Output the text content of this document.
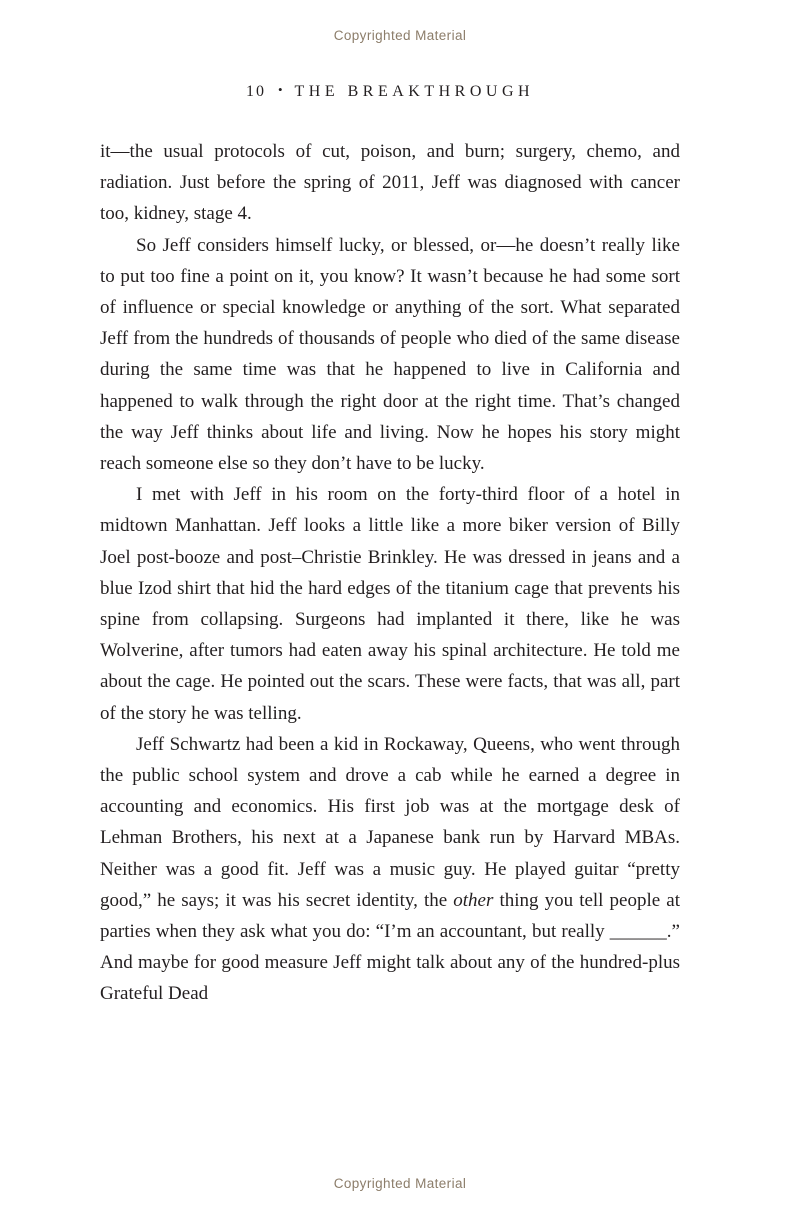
Copyrighted Material
10 • THE BREAKTHROUGH

it—the usual protocols of cut, poison, and burn; surgery, chemo, and radiation. Just before the spring of 2011, Jeff was diagnosed with cancer too, kidney, stage 4.

So Jeff considers himself lucky, or blessed, or—he doesn’t really like to put too fine a point on it, you know? It wasn’t because he had some sort of influence or special knowledge or anything of the sort. What separated Jeff from the hundreds of thousands of people who died of the same disease during the same time was that he happened to live in California and happened to walk through the right door at the right time. That’s changed the way Jeff thinks about life and living. Now he hopes his story might reach someone else so they don’t have to be lucky.

I met with Jeff in his room on the forty-third floor of a hotel in midtown Manhattan. Jeff looks a little like a more biker version of Billy Joel post-booze and post–Christie Brinkley. He was dressed in jeans and a blue Izod shirt that hid the hard edges of the titanium cage that prevents his spine from collapsing. Surgeons had implanted it there, like he was Wolverine, after tumors had eaten away his spinal architecture. He told me about the cage. He pointed out the scars. These were facts, that was all, part of the story he was telling.

Jeff Schwartz had been a kid in Rockaway, Queens, who went through the public school system and drove a cab while he earned a degree in accounting and economics. His first job was at the mortgage desk of Lehman Brothers, his next at a Japanese bank run by Harvard MBAs. Neither was a good fit. Jeff was a music guy. He played guitar “pretty good,” he says; it was his secret identity, the other thing you tell people at parties when they ask what you do: “I’m an accountant, but really ______.” And maybe for good measure Jeff might talk about any of the hundred-plus Grateful Dead

Copyrighted Material
